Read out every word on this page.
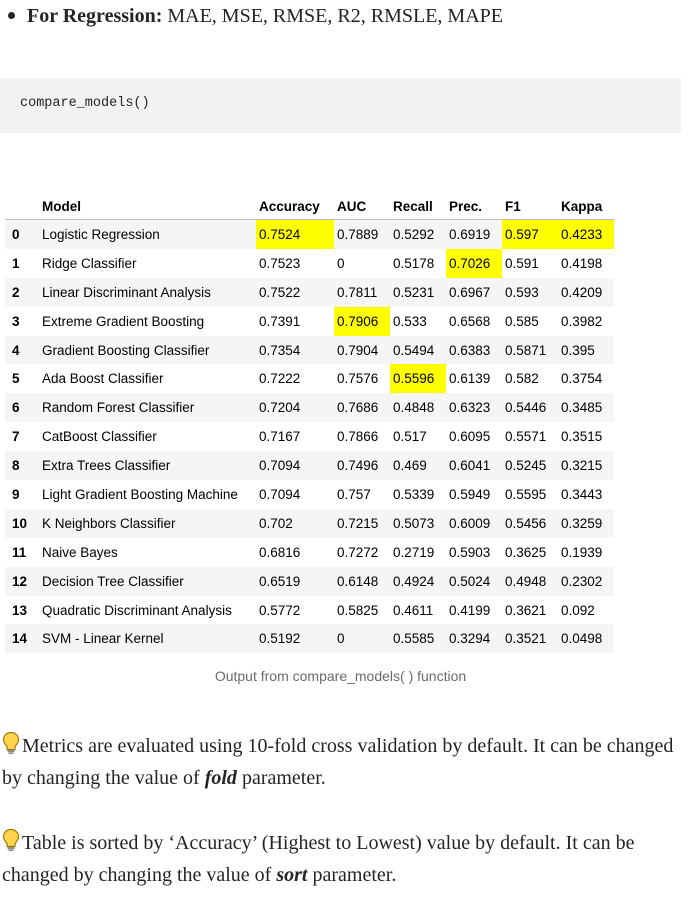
For Regression: MAE, MSE, RMSE, R2, RMSLE, MAPE
compare_models()
	Model	Accuracy	AUC	Recall	Prec.	F1	Kappa
0	Logistic Regression	0.7524	0.7889	0.5292	0.6919	0.597	0.4233
1	Ridge Classifier	0.7523	0	0.5178	0.7026	0.591	0.4198
2	Linear Discriminant Analysis	0.7522	0.7811	0.5231	0.6967	0.593	0.4209
3	Extreme Gradient Boosting	0.7391	0.7906	0.533	0.6568	0.585	0.3982
4	Gradient Boosting Classifier	0.7354	0.7904	0.5494	0.6383	0.5871	0.395
5	Ada Boost Classifier	0.7222	0.7576	0.5596	0.6139	0.582	0.3754
6	Random Forest Classifier	0.7204	0.7686	0.4848	0.6323	0.5446	0.3485
7	CatBoost Classifier	0.7167	0.7866	0.517	0.6095	0.5571	0.3515
8	Extra Trees Classifier	0.7094	0.7496	0.469	0.6041	0.5245	0.3215
9	Light Gradient Boosting Machine	0.7094	0.757	0.5339	0.5949	0.5595	0.3443
10	K Neighbors Classifier	0.702	0.7215	0.5073	0.6009	0.5456	0.3259
11	Naive Bayes	0.6816	0.7272	0.2719	0.5903	0.3625	0.1939
12	Decision Tree Classifier	0.6519	0.6148	0.4924	0.5024	0.4948	0.2302
13	Quadratic Discriminant Analysis	0.5772	0.5825	0.4611	0.4199	0.3621	0.092
14	SVM - Linear Kernel	0.5192	0	0.5585	0.3294	0.3521	0.0498
Output from compare_models( ) function
Metrics are evaluated using 10-fold cross validation by default. It can be changed by changing the value of fold parameter.
Table is sorted by ‘Accuracy’ (Highest to Lowest) value by default. It can be changed by changing the value of sort parameter.
